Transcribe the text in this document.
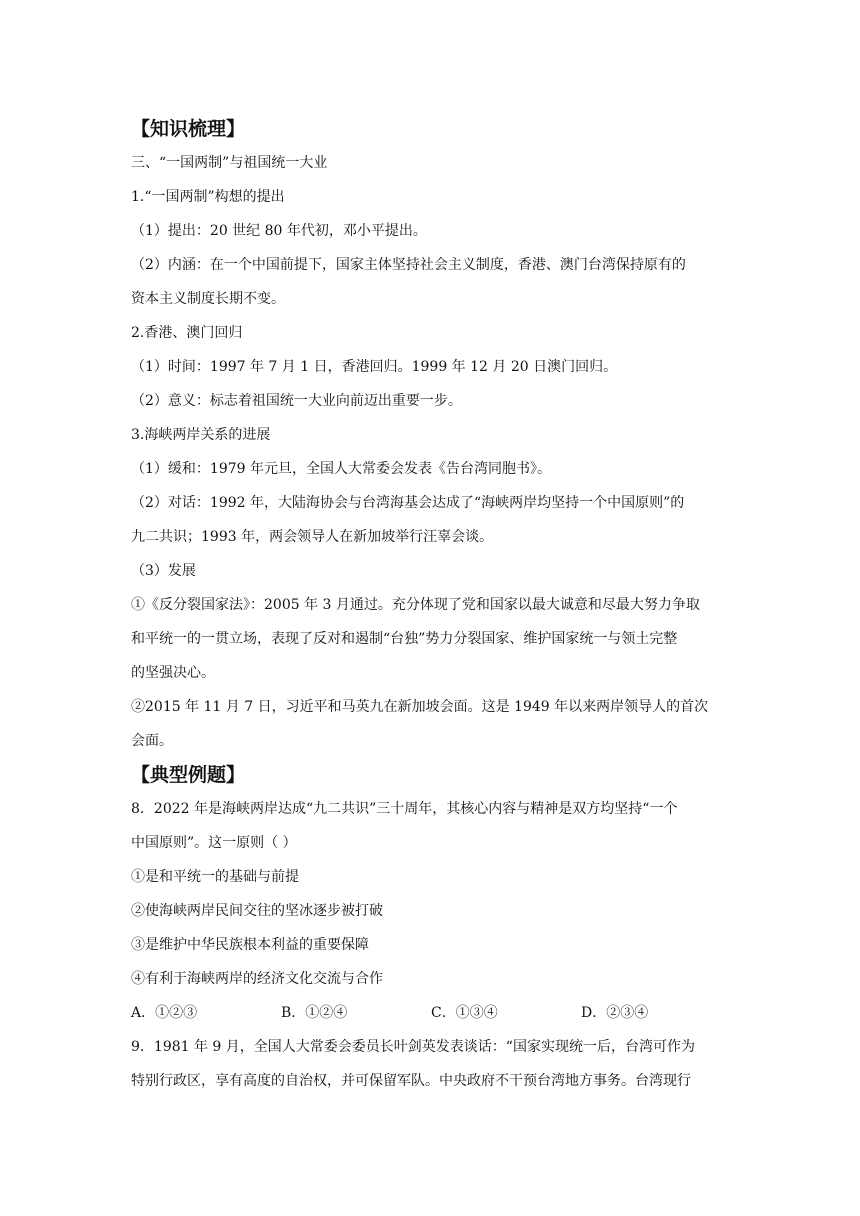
【知识梳理】

三、“一国两制”与祖国统一大业

1.“一国两制”构想的提出

（1）提出：20 世纪 80 年代初，邓小平提出。

（2）内涵：在一个中国前提下，国家主体坚持社会主义制度，香港、澳门台湾保持原有的

资本主义制度长期不变。

2.香港、澳门回归

（1）时间：1997 年 7 月 1 日，香港回归。1999 年 12 月 20 日澳门回归。

（2）意义：标志着祖国统一大业向前迈出重要一步。

3.海峡两岸关系的进展

（1）缓和：1979 年元旦，全国人大常委会发表《告台湾同胞书》。

（2）对话：1992 年，大陆海协会与台湾海基会达成了“海峡两岸均坚持一个中国原则”的

九二共识；1993 年，两会领导人在新加坡举行汪辜会谈。

（3）发展

①《反分裂国家法》：2005 年 3 月通过。充分体现了党和国家以最大诚意和尽最大努力争取

和平统一的一贯立场，表现了反对和遏制“台独”势力分裂国家、维护国家统一与领土完整

的坚强决心。

②2015 年 11 月 7 日，习近平和马英九在新加坡会面。这是 1949 年以来两岸领导人的首次

会面。

【典型例题】

8．2022 年是海峡两岸达成“九二共识”三十周年，其核心内容与精神是双方均坚持“一个

中国原则”。这一原则（ ）

①是和平统一的基础与前提

②使海峡两岸民间交往的坚冰逐步被打破

③是维护中华民族根本利益的重要保障

④有利于海峡两岸的经济文化交流与合作

A．①②③	B．①②④	C．①③④	D．②③④

9．1981 年 9 月，全国人大常委会委员长叶剑英发表谈话：“国家实现统一后，台湾可作为

特别行政区，享有高度的自治权，并可保留军队。中央政府不干预台湾地方事务。台湾现行
